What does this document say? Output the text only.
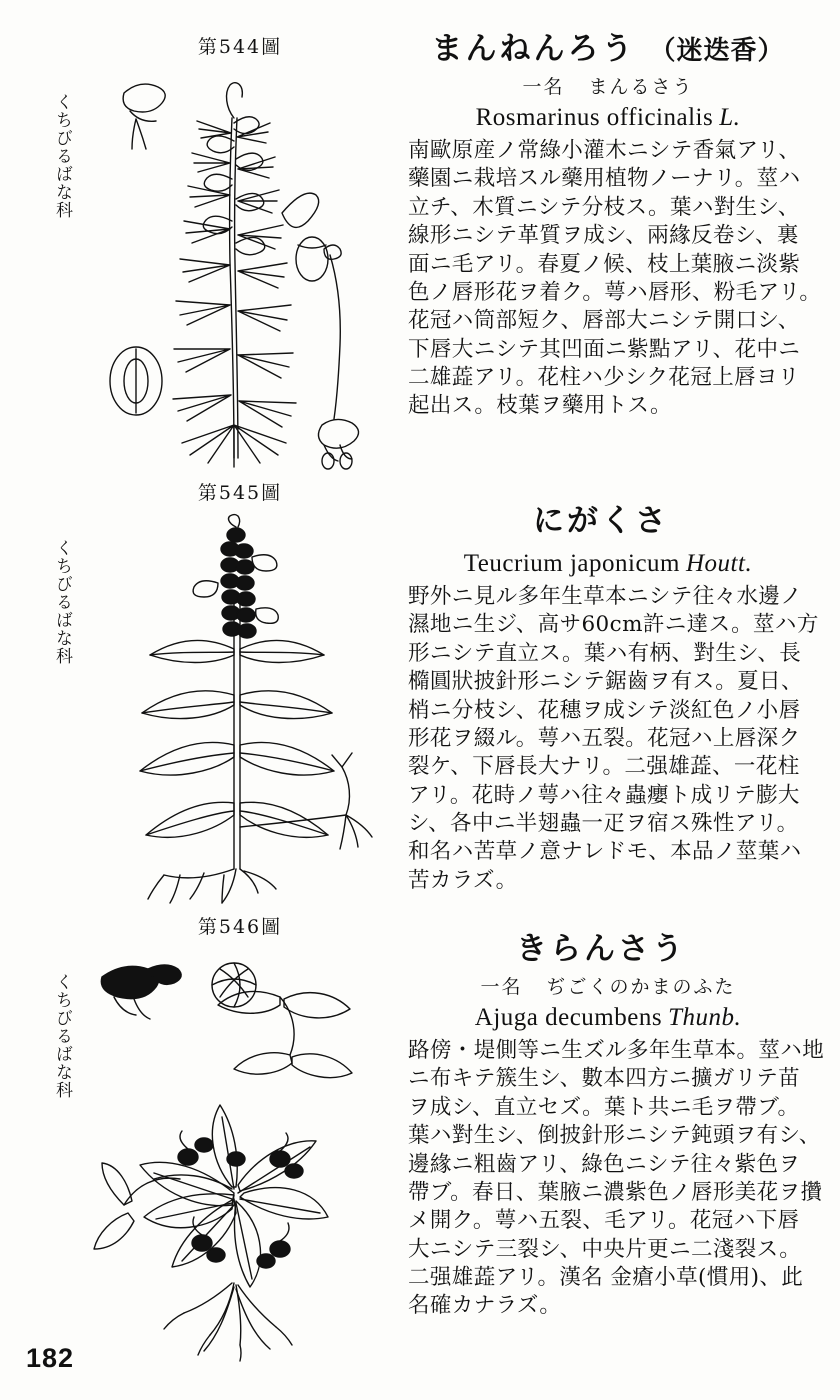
第544圖
くちびるばな科
まんねんろう （迷迭香）
一名 まんるさう
Rosmarinus officinalis L.
南歐原産ノ常綠小灌木ニシテ香氣アリ、
藥園ニ栽培スル藥用植物ノーナリ。莖ハ
立チ、木質ニシテ分枝ス。葉ハ對生シ、
線形ニシテ革質ヲ成シ、兩緣反卷シ、裏
面ニ毛アリ。春夏ノ候、枝上葉腋ニ淡紫
色ノ唇形花ヲ着ク。萼ハ唇形、粉毛アリ。
花冠ハ筒部短ク、唇部大ニシテ開口シ、
下唇大ニシテ其凹面ニ紫點アリ、花中ニ
二雄蕋アリ。花柱ハ少シク花冠上唇ヨリ
起出ス。枝葉ヲ藥用トス。
第545圖
くちびるばな科
にがくさ
Teucrium japonicum Houtt.
野外ニ見ル多年生草本ニシテ往々水邊ノ
濕地ニ生ジ、高サ60cm許ニ達ス。莖ハ方
形ニシテ直立ス。葉ハ有柄、對生シ、長
橢圓狀披針形ニシテ鋸齒ヲ有ス。夏日、
梢ニ分枝シ、花穗ヲ成シテ淡紅色ノ小唇
形花ヲ綴ル。萼ハ五裂。花冠ハ上唇深ク
裂ケ、下唇長大ナリ。二强雄蕋、一花柱
アリ。花時ノ萼ハ往々蟲癭ト成リテ膨大
シ、各中ニ半翅蟲一疋ヲ宿ス殊性アリ。
和名ハ苦草ノ意ナレドモ、本品ノ莖葉ハ
苦カラズ。
第546圖
くちびるばな科
きらんさう
一名 ぢごくのかまのふた
Ajuga decumbens Thunb.
路傍・堤側等ニ生ズル多年生草本。莖ハ地
ニ布キテ簇生シ、數本四方ニ擴ガリテ苗
ヲ成シ、直立セズ。葉ト共ニ毛ヲ帶ブ。
葉ハ對生シ、倒披針形ニシテ鈍頭ヲ有シ、
邊緣ニ粗齒アリ、綠色ニシテ往々紫色ヲ
帶ブ。春日、葉腋ニ濃紫色ノ唇形美花ヲ攢
メ開ク。萼ハ五裂、毛アリ。花冠ハ下唇
大ニシテ三裂シ、中央片更ニ二淺裂ス。
二强雄蕋アリ。漢名 金瘡小草(慣用)、此
名確カナラズ。
182
